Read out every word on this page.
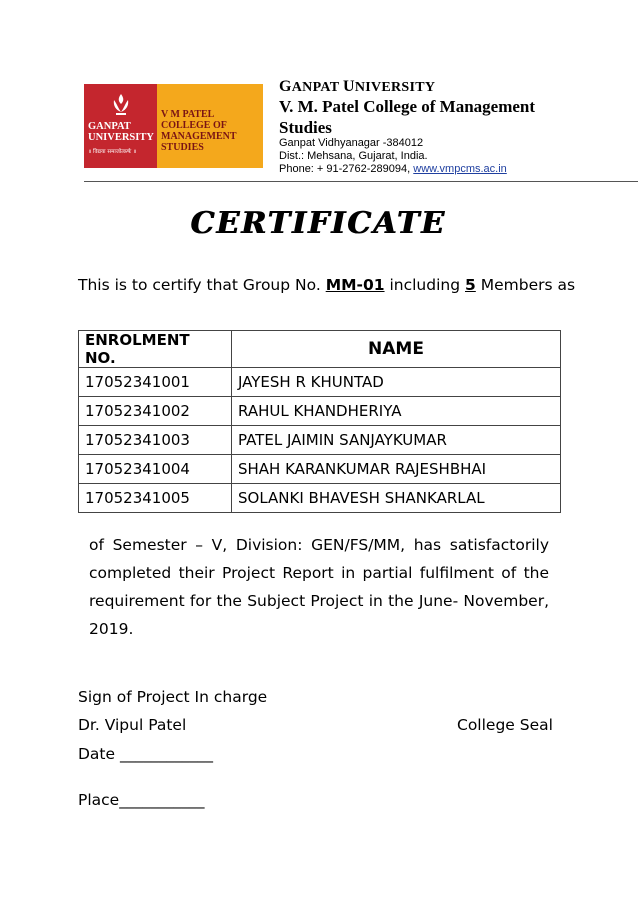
GANPAT
UNIVERSITY
॥ विद्यया समाजोत्कर्षः ॥
V M PATEL
COLLEGE OF
MANAGEMENT
STUDIES
GANPAT UNIVERSITY
V. M. Patel College of Management Studies
Ganpat Vidhyanagar -384012
Dist.: Mehsana, Gujarat, India.
Phone: + 91-2762-289094, www.vmpcms.ac.in
CERTIFICATE
This is to certify that Group No. MM-01 including 5 Members as
ENROLMENT NO.	NAME
17052341001	JAYESH R KHUNTAD
17052341002	RAHUL KHANDHERIYA
17052341003	PATEL JAIMIN SANJAYKUMAR
17052341004	SHAH KARANKUMAR RAJESHBHAI
17052341005	SOLANKI BHAVESH SHANKARLAL
of Semester – V, Division: GEN/FS/MM, has satisfactorily completed their Project Report in partial fulfilment of the requirement for the Subject Project in the June- November, 2019.
Sign of Project In charge
Dr. Vipul Patel	College Seal
Date ____________
Place___________
